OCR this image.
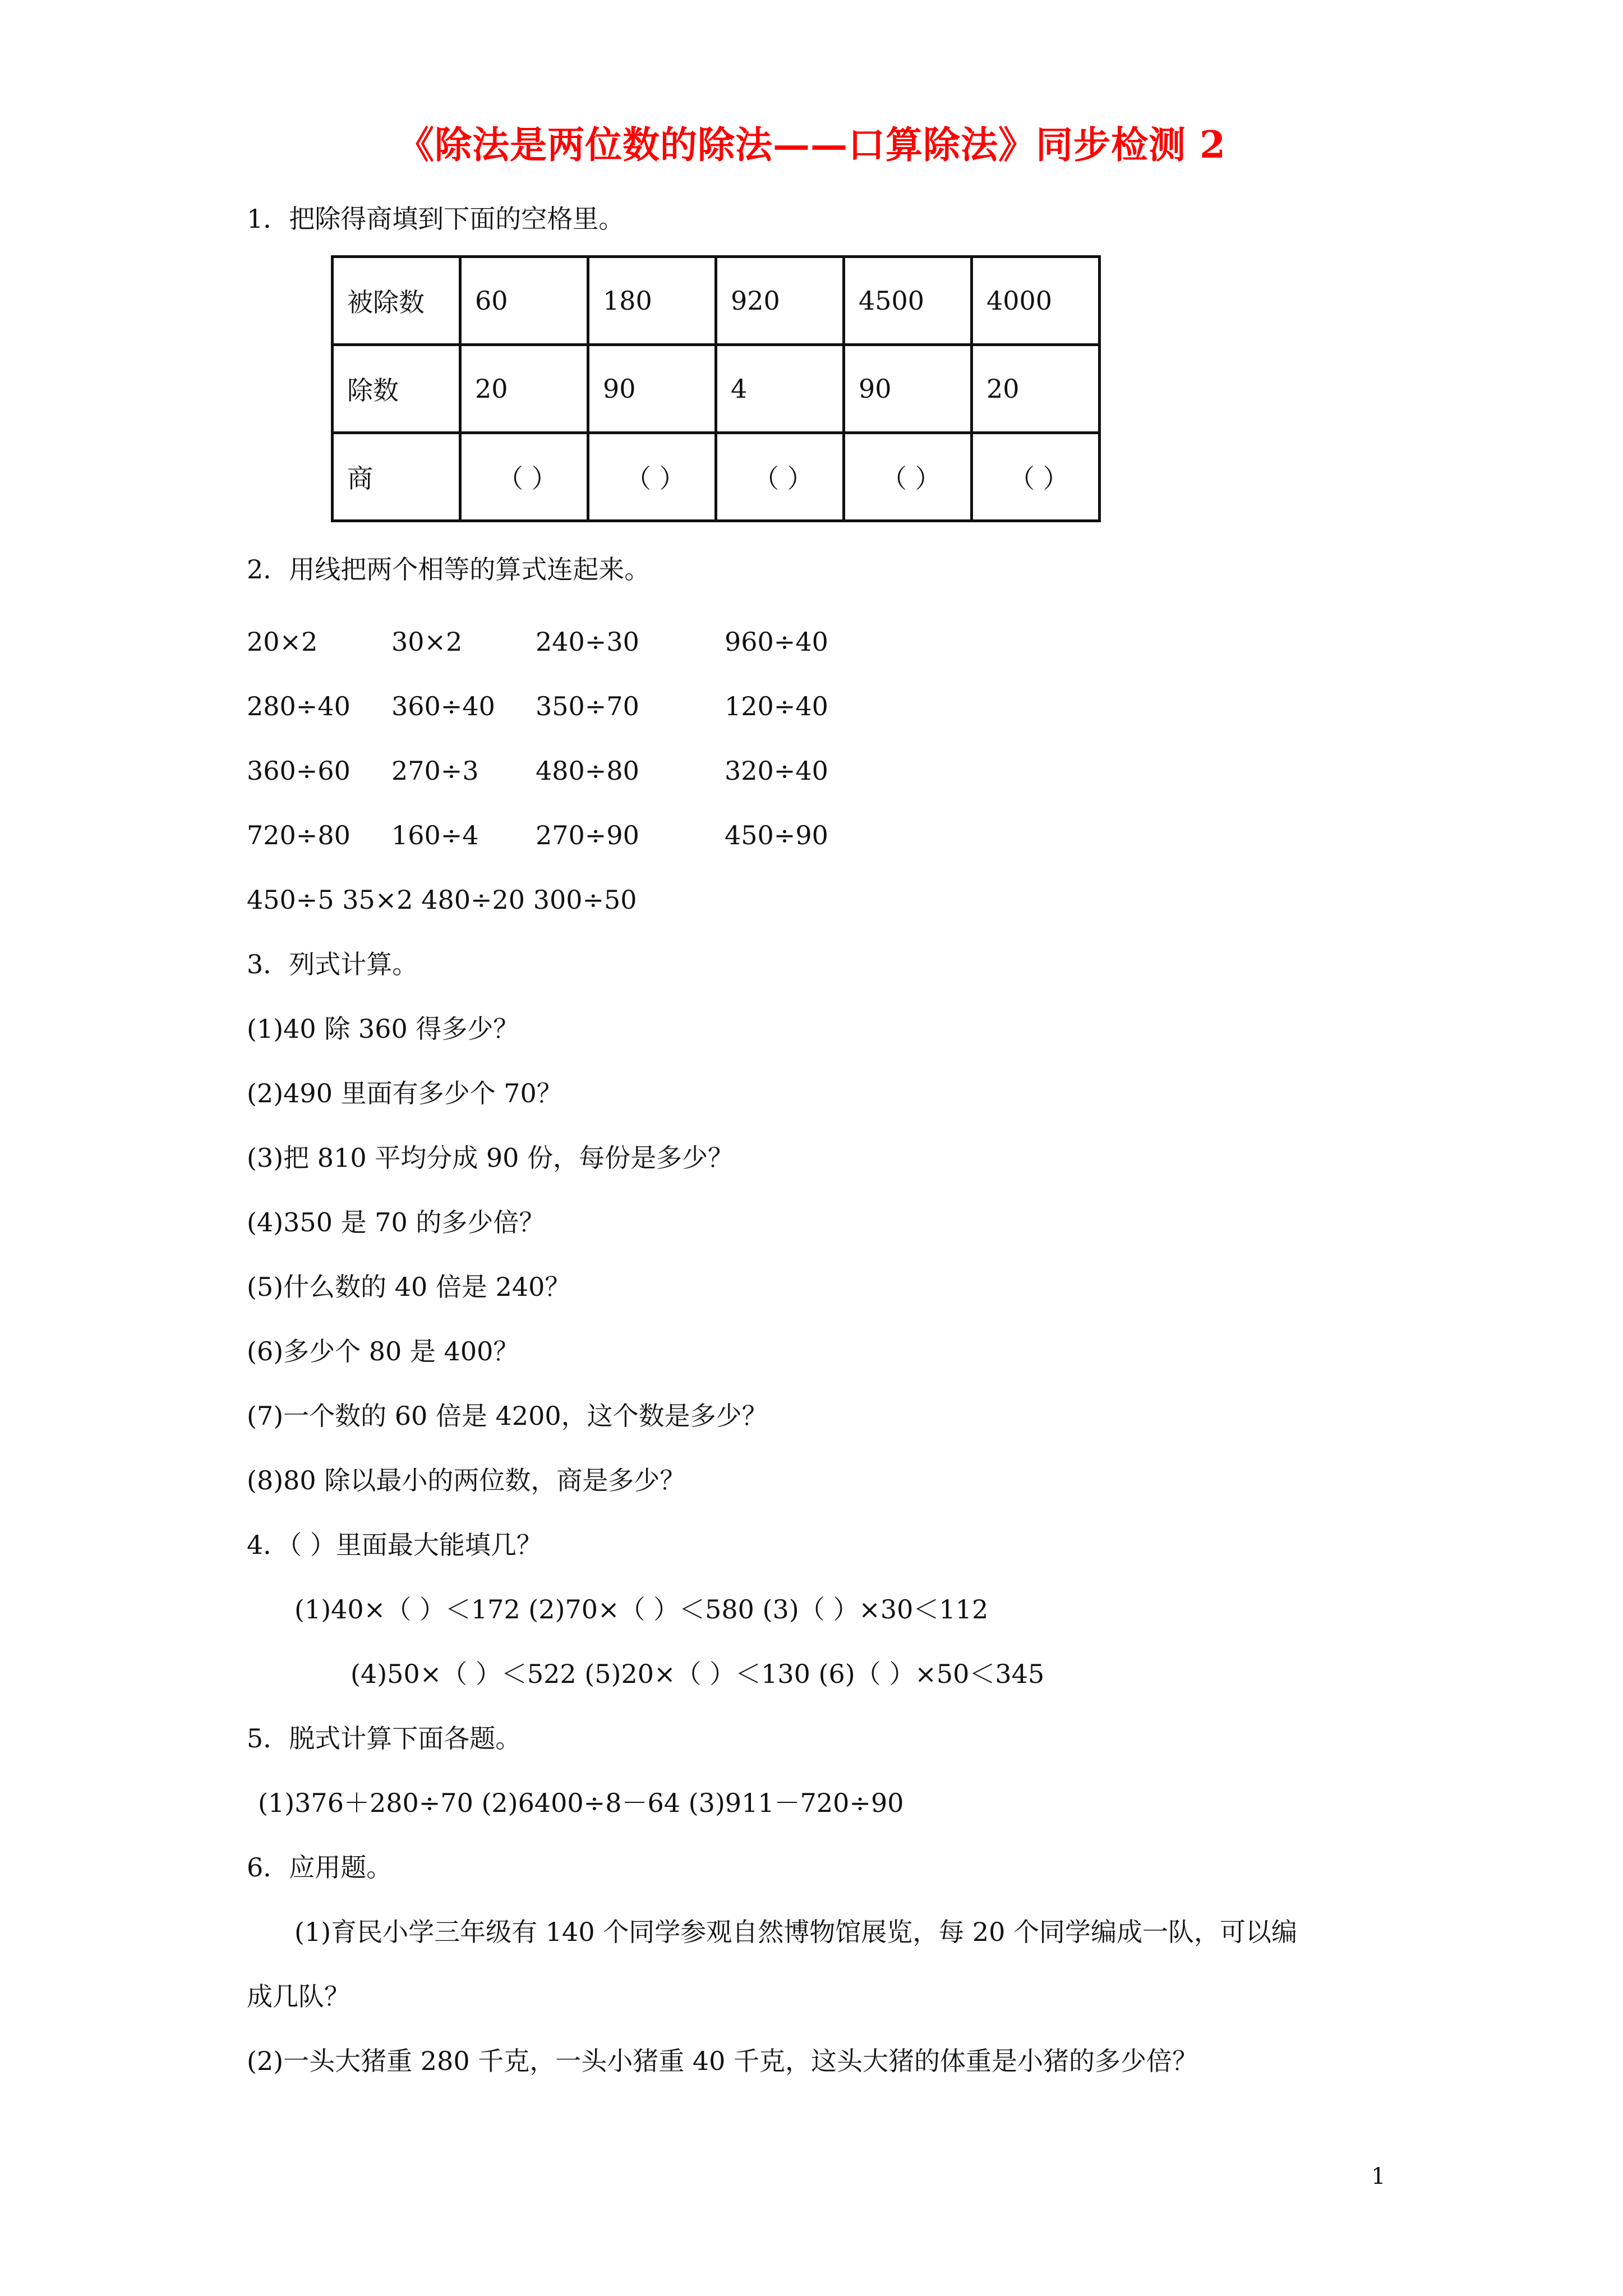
《除法是两位数的除法——口算除法》同步检测 2
1．把除得商填到下面的空格里。
被除数	60	180	920	4500	4000
除数	20	90	4	90	20
商	（ ）	（ ）	（ ）	（ ）	（ ）
2．用线把两个相等的算式连起来。
20×2	30×2	240÷30	960÷40
280÷40 360÷40 350÷70	120÷40
360÷60 270÷3 480÷80	320÷40
720÷80 160÷4 270÷90	450÷90
450÷5 35×2 480÷20 300÷50
3．列式计算。
(1)40 除 360 得多少？
(2)490 里面有多少个 70？
(3)把 810 平均分成 90 份，每份是多少？
(4)350 是 70 的多少倍？
(5)什么数的 40 倍是 240？
(6)多少个 80 是 400？
(7)一个数的 60 倍是 4200，这个数是多少？
(8)80 除以最小的两位数，商是多少？
4．（ ）里面最大能填几？
(1)40×（ ）＜172 (2)70×（ ）＜580 (3)（ ）×30＜112
(4)50×（ ）＜522 (5)20×（ ）＜130 (6)（ ）×50＜345
5．脱式计算下面各题。
(1)376＋280÷70 (2)6400÷8－64 (3)911－720÷90
6．应用题。
(1)育民小学三年级有 140 个同学参观自然博物馆展览，每 20 个同学编成一队，可以编
成几队？
(2)一头大猪重 280 千克，一头小猪重 40 千克，这头大猪的体重是小猪的多少倍？
1
